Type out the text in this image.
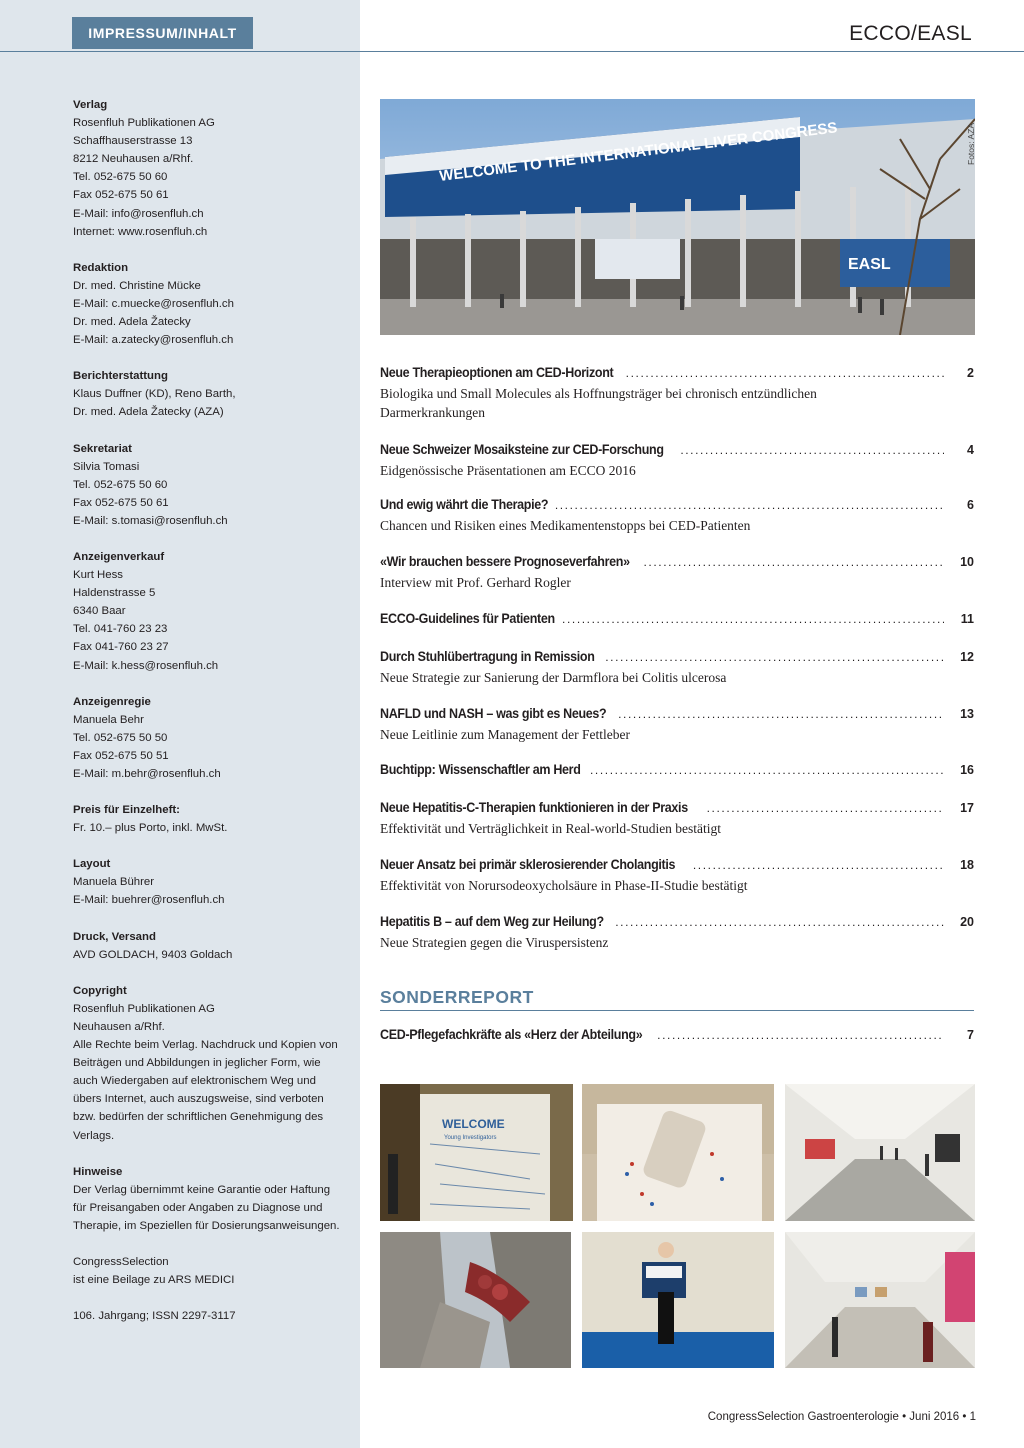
IMPRESSUM/INHALT	ECCO/EASL
Verlag
Rosenfluh Publikationen AG
Schaffhauserstrasse 13
8212 Neuhausen a/Rhf.
Tel. 052-675 50 60
Fax 052-675 50 61
E-Mail: info@rosenfluh.ch
Internet: www.rosenfluh.ch
Redaktion
Dr. med. Christine Mücke
E-Mail: c.muecke@rosenfluh.ch
Dr. med. Adela Žatecky
E-Mail: a.zatecky@rosenfluh.ch
Berichterstattung
Klaus Duffner (KD), Reno Barth,
Dr. med. Adela Žatecky (AZA)
Sekretariat
Silvia Tomasi
Tel. 052-675 50 60
Fax 052-675 50 61
E-Mail: s.tomasi@rosenfluh.ch
Anzeigenverkauf
Kurt Hess
Haldenstrasse 5
6340 Baar
Tel. 041-760 23 23
Fax 041-760 23 27
E-Mail: k.hess@rosenfluh.ch
Anzeigenregie
Manuela Behr
Tel. 052-675 50 50
Fax 052-675 50 51
E-Mail: m.behr@rosenfluh.ch
Preis für Einzelheft:
Fr. 10.– plus Porto, inkl. MwSt.
Layout
Manuela Bührer
E-Mail: buehrer@rosenfluh.ch
Druck, Versand
AVD GOLDACH, 9403 Goldach
Copyright
Rosenfluh Publikationen AG
Neuhausen a/Rhf.
Alle Rechte beim Verlag. Nachdruck und Kopien von Beiträgen und Abbildungen in jeglicher Form, wie auch Wiedergaben auf elektronischem Weg und übers Internet, auch auszugsweise, sind verboten bzw. bedürfen der schriftlichen Genehmigung des Verlags.
Hinweise
Der Verlag übernimmt keine Garantie oder Haftung für Preisangaben oder Angaben zu Diagnose und Therapie, im Speziellen für Dosierungsanweisungen.
CongressSelection
ist eine Beilage zu ARS MEDICI
106. Jahrgang; ISSN 2297-3117
WELCOME TO THE INTERNATIONAL LIVER CONGRESS
EASL
Fotos: AZA
Neue Therapieoptionen am CED-Horizont .....	2
Biologika und Small Molecules als Hoffnungsträger bei chronisch entzündlichen Darmerkrankungen
Neue Schweizer Mosaiksteine zur CED-Forschung .....	4
Eidgenössische Präsentationen am ECCO 2016
Und ewig währt die Therapie? .....	6
Chancen und Risiken eines Medikamentenstopps bei CED-Patienten
«Wir brauchen bessere Prognoseverfahren» .....	10
Interview mit Prof. Gerhard Rogler
ECCO-Guidelines für Patienten .....	11
Durch Stuhlübertragung in Remission .....	12
Neue Strategie zur Sanierung der Darmflora bei Colitis ulcerosa
NAFLD und NASH – was gibt es Neues? .....	13
Neue Leitlinie zum Management der Fettleber
Buchtipp: Wissenschaftler am Herd .....	16
Neue Hepatitis-C-Therapien funktionieren in der Praxis .....	17
Effektivität und Verträglichkeit in Real-world-Studien bestätigt
Neuer Ansatz bei primär sklerosierender Cholangitis .....	18
Effektivität von Norursodeoxycholsäure in Phase-II-Studie bestätigt
Hepatitis B – auf dem Weg zur Heilung? .....	20
Neue Strategien gegen die Viruspersistenz
SONDERREPORT
CED-Pflegefachkräfte als «Herz der Abteilung» .....	7
WELCOME
Young Investigators
CongressSelection Gastroenterologie • Juni 2016 • 1
